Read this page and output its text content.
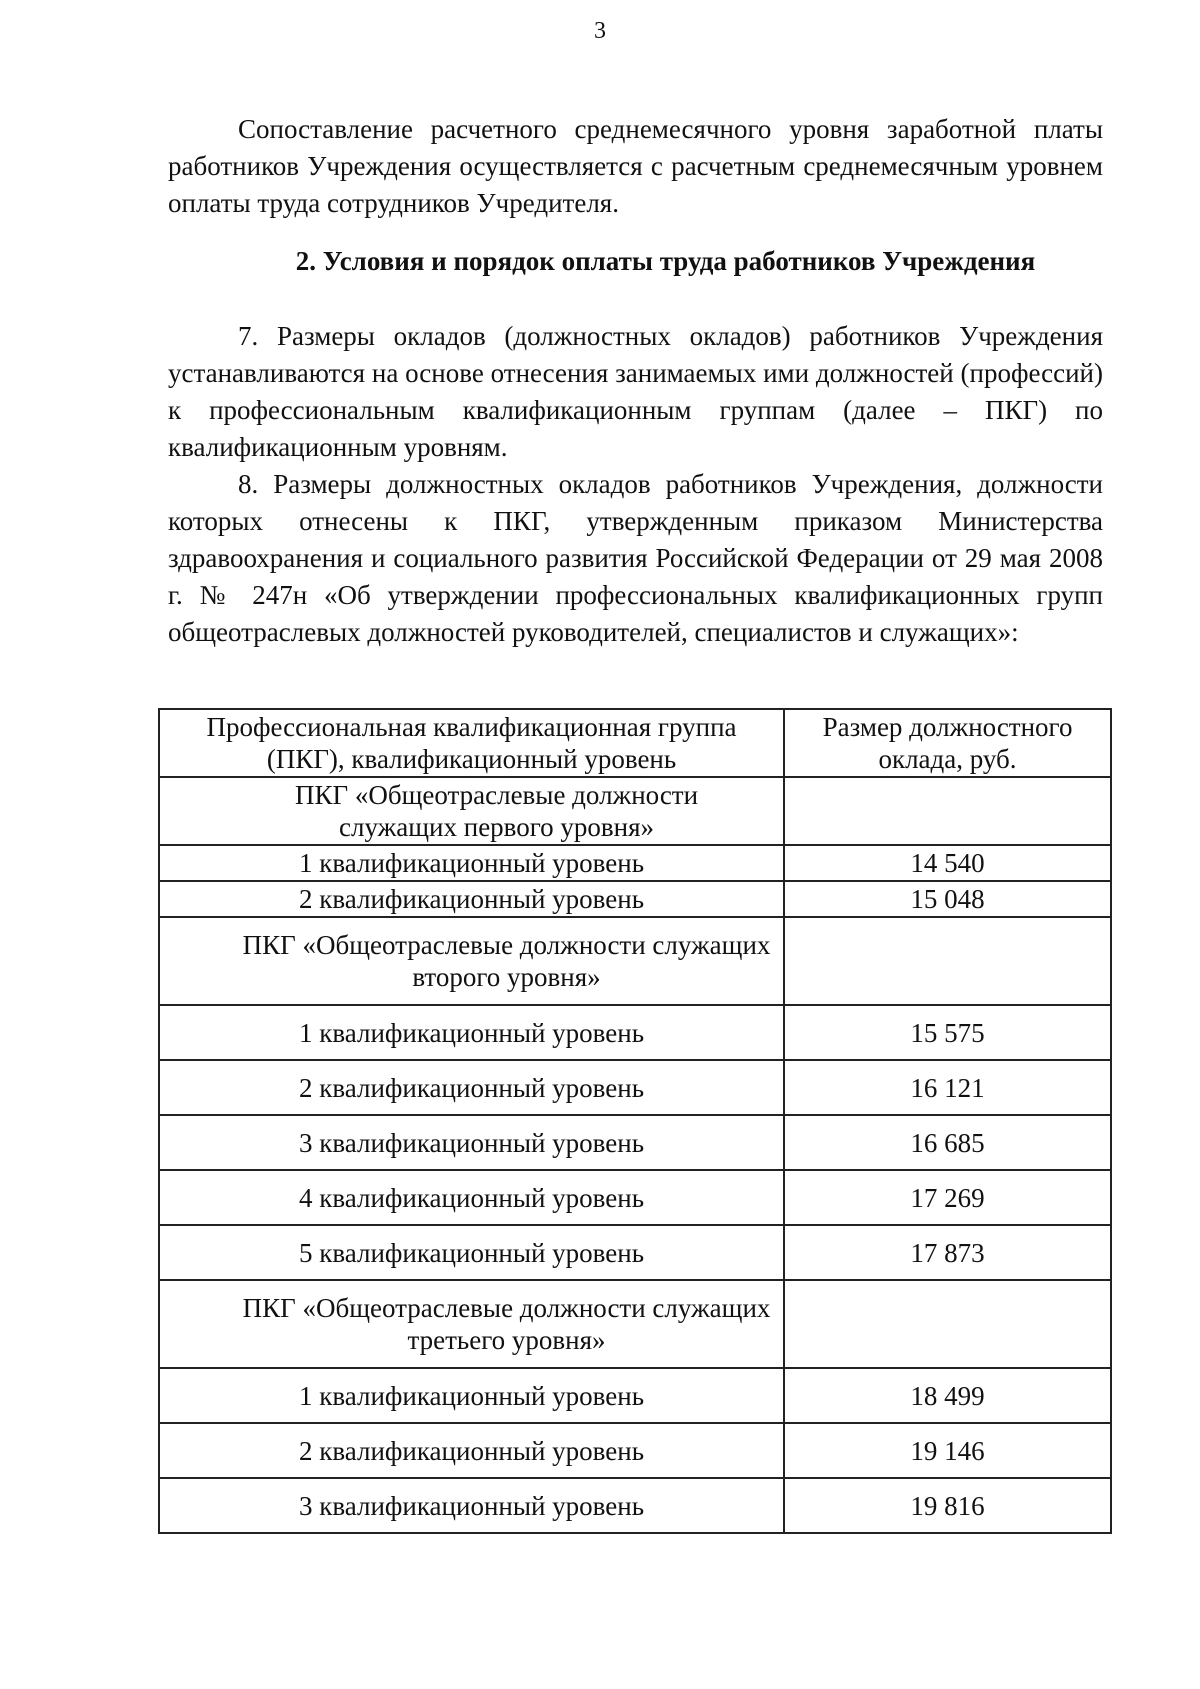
3

Сопоставление расчетного среднемесячного уровня заработной платы работников Учреждения осуществляется с расчетным среднемесячным уровнем оплаты труда сотрудников Учредителя.

2. Условия и порядок оплаты труда работников Учреждения

7. Размеры окладов (должностных окладов) работников Учреждения устанавливаются на основе отнесения занимаемых ими должностей (профессий) к профессиональным квалификационным группам (далее – ПКГ) по квалификационным уровням.

8. Размеры должностных окладов работников Учреждения, должности которых отнесены к ПКГ, утвержденным приказом Министерства здравоохранения и социального развития Российской Федерации от 29 мая 2008 г. № 247н «Об утверждении профессиональных квалификационных групп общеотраслевых должностей руководителей, специалистов и служащих»:

Профессиональная квалификационная группа (ПКГ), квалификационный уровень	Размер должностного оклада, руб.
ПКГ «Общеотраслевые должности служащих первого уровня»	
1 квалификационный уровень	14 540
2 квалификационный уровень	15 048
ПКГ «Общеотраслевые должности служащих второго уровня»	
1 квалификационный уровень	15 575
2 квалификационный уровень	16 121
3 квалификационный уровень	16 685
4 квалификационный уровень	17 269
5 квалификационный уровень	17 873
ПКГ «Общеотраслевые должности служащих третьего уровня»	
1 квалификационный уровень	18 499
2 квалификационный уровень	19 146
3 квалификационный уровень	19 816
